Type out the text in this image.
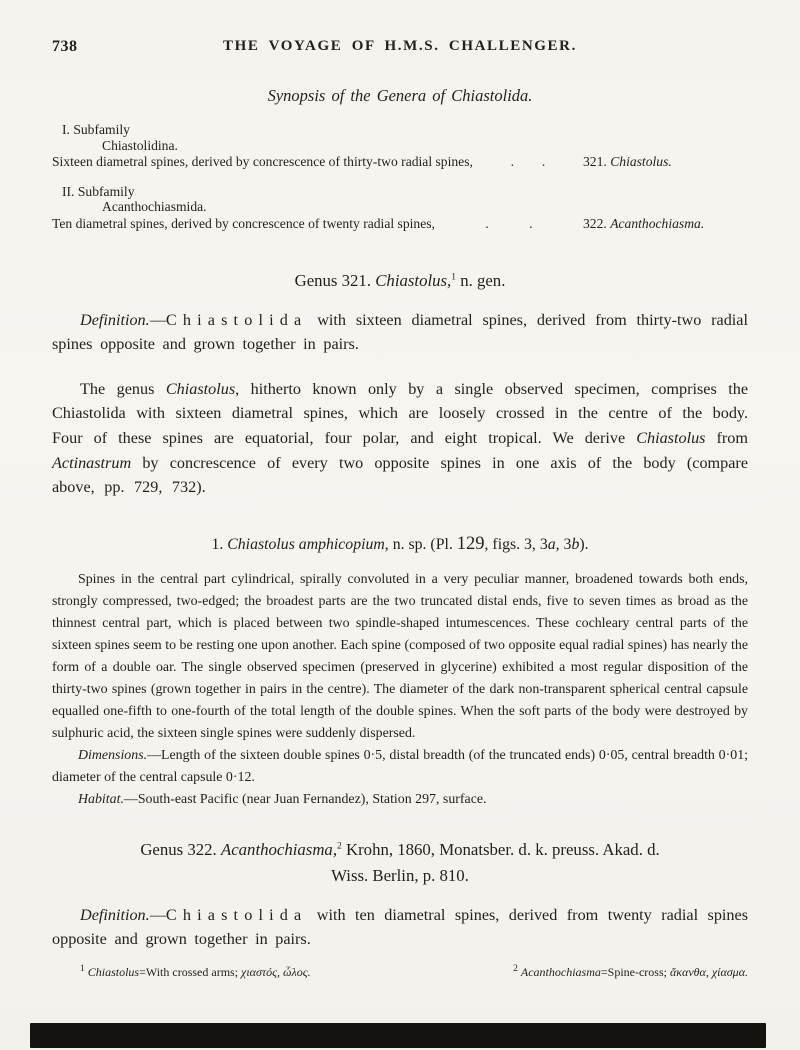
738	THE VOYAGE OF H.M.S. CHALLENGER.
Synopsis of the Genera of Chiastolida.
I. Subfamily
Chiastolidina.
Sixteen diametral spines, derived by concrescence of thirty-two radial spines,	. .	321. Chiastolus.
II. Subfamily
Acanthochiasmida.
Ten diametral spines, derived by concrescence of twenty radial spines,	.	.	322. Acanthochiasma.
Genus 321. Chiastolus,$^1$ n. gen.

Definition.—Chiastolida with sixteen diametral spines, derived from thirty-two radial spines opposite and grown together in pairs.

The genus Chiastolus, hitherto known only by a single observed specimen, comprises the Chiastolida with sixteen diametral spines, which are loosely crossed in the centre of the body. Four of these spines are equatorial, four polar, and eight tropical. We derive Chiastolus from Actinastrum by concrescence of every two opposite spines in one axis of the body (compare above, pp. 729, 732).

1. Chiastolus amphicopium, n. sp. (Pl. 129, figs. 3, 3a, 3b).

Spines in the central part cylindrical, spirally convoluted in a very peculiar manner, broadened towards both ends, strongly compressed, two-edged; the broadest parts are the two truncated distal ends, five to seven times as broad as the thinnest central part, which is placed between two spindle-shaped intumescences. These cochleary central parts of the sixteen spines seem to be resting one upon another. Each spine (composed of two opposite equal radial spines) has nearly the form of a double oar. The single observed specimen (preserved in glycerine) exhibited a most regular disposition of the thirty-two spines (grown together in pairs in the centre). The diameter of the dark non-transparent spherical central capsule equalled one-fifth to one-fourth of the total length of the double spines. When the soft parts of the body were destroyed by sulphuric acid, the sixteen single spines were suddenly dispersed.

Dimensions.—Length of the sixteen double spines 0·5, distal breadth (of the truncated ends) 0·05, central breadth 0·01; diameter of the central capsule 0·12.

Habitat.—South-east Pacific (near Juan Fernandez), Station 297, surface.

Genus 322. Acanthochiasma,$^2$ Krohn, 1860, Monatsber. d. k. preuss. Akad. d.
Wiss. Berlin, p. 810.

Definition.—Chiastolida with ten diametral spines, derived from twenty radial spines opposite and grown together in pairs.

$^1$ Chiastolus=With crossed arms; χιαστός, ὦλος.	$^2$ Acanthochiasma=Spine-cross; ἄκανθα, χίασμα.
